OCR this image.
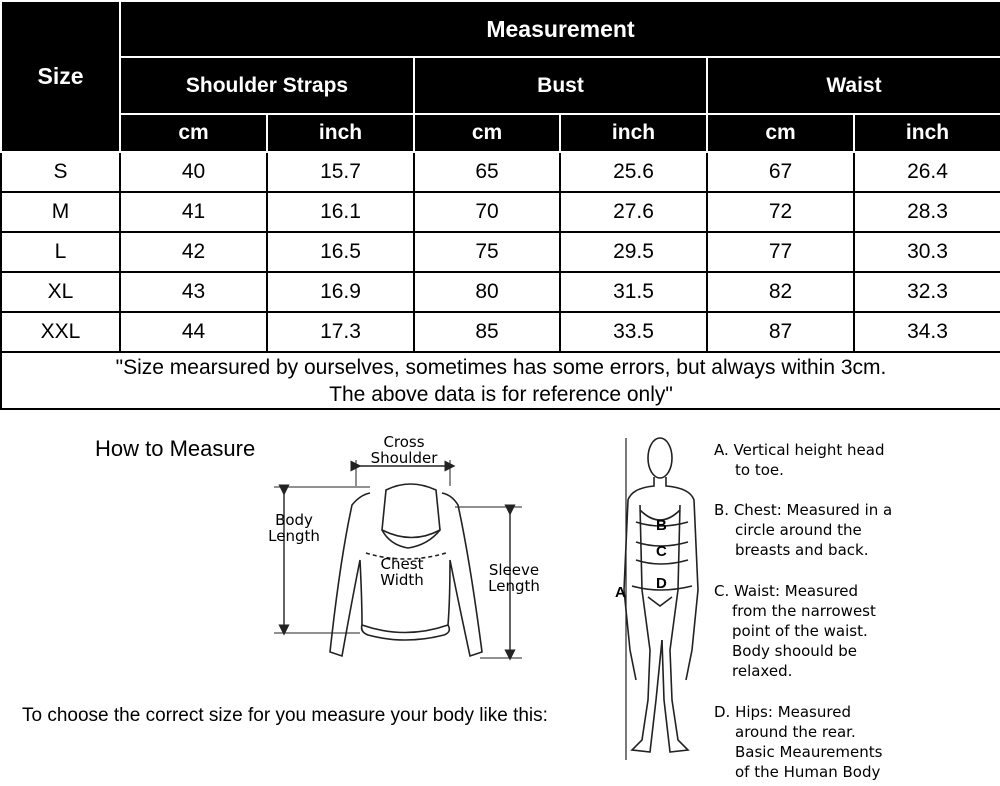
Size	Measurement					
	Shoulder Straps		Bust		Waist	
	cm	inch	cm	inch	cm	inch
S	40	15.7	65	25.6	67	26.4
M	41	16.1	70	27.6	72	28.3
L	42	16.5	75	29.5	77	30.3
XL	43	16.9	80	31.5	82	32.3
XXL	44	17.3	85	33.5	87	34.3

"Size mearsured by ourselves, sometimes has some errors, but always within 3cm.
The above data is for reference only"						
A
B
C
D
How to Measure	Cross
Shoulder
Body
Length
Chest
Width
Sleeve
Length
To choose the correct size for you measure your body like this:
A. Vertical height head
to toe.
B. Chest: Measured in a
circle around the
breasts and back.
C. Waist: Measured
from the narrowest
point of the waist.
Body shoould be
relaxed.
D. Hips: Measured
around the rear.
Basic Meaurements
of the Human Body
